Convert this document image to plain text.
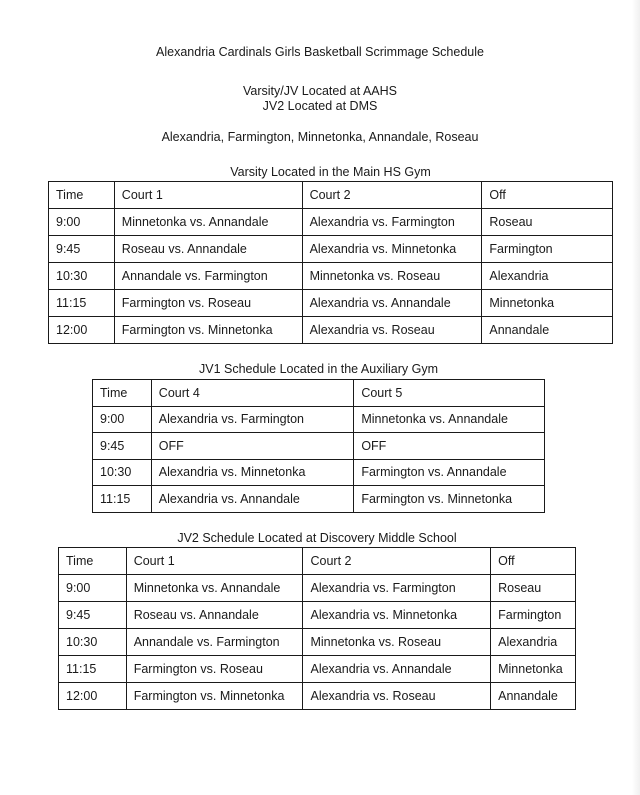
Alexandria Cardinals Girls Basketball Scrimmage Schedule
Varsity/JV Located at AAHS
JV2 Located at DMS
Alexandria, Farmington, Minnetonka, Annandale, Roseau
Varsity Located in the Main HS Gym
Time	Court 1	Court 2	Off
9:00	Minnetonka vs. Annandale	Alexandria vs. Farmington	Roseau
9:45	Roseau vs. Annandale	Alexandria vs. Minnetonka	Farmington
10:30	Annandale vs. Farmington	Minnetonka vs. Roseau	Alexandria
11:15	Farmington vs. Roseau	Alexandria vs. Annandale	Minnetonka
12:00	Farmington vs. Minnetonka	Alexandria vs. Roseau	Annandale
JV1 Schedule Located in the Auxiliary Gym
Time	Court 4	Court 5
9:00	Alexandria vs. Farmington	Minnetonka vs. Annandale
9:45	OFF	OFF
10:30	Alexandria vs. Minnetonka	Farmington vs. Annandale
11:15	Alexandria vs. Annandale	Farmington vs. Minnetonka
JV2 Schedule Located at Discovery Middle School
Time	Court 1	Court 2	Off
9:00	Minnetonka vs. Annandale	Alexandria vs. Farmington	Roseau
9:45	Roseau vs. Annandale	Alexandria vs. Minnetonka	Farmington
10:30	Annandale vs. Farmington	Minnetonka vs. Roseau	Alexandria
11:15	Farmington vs. Roseau	Alexandria vs. Annandale	Minnetonka
12:00	Farmington vs. Minnetonka	Alexandria vs. Roseau	Annandale
